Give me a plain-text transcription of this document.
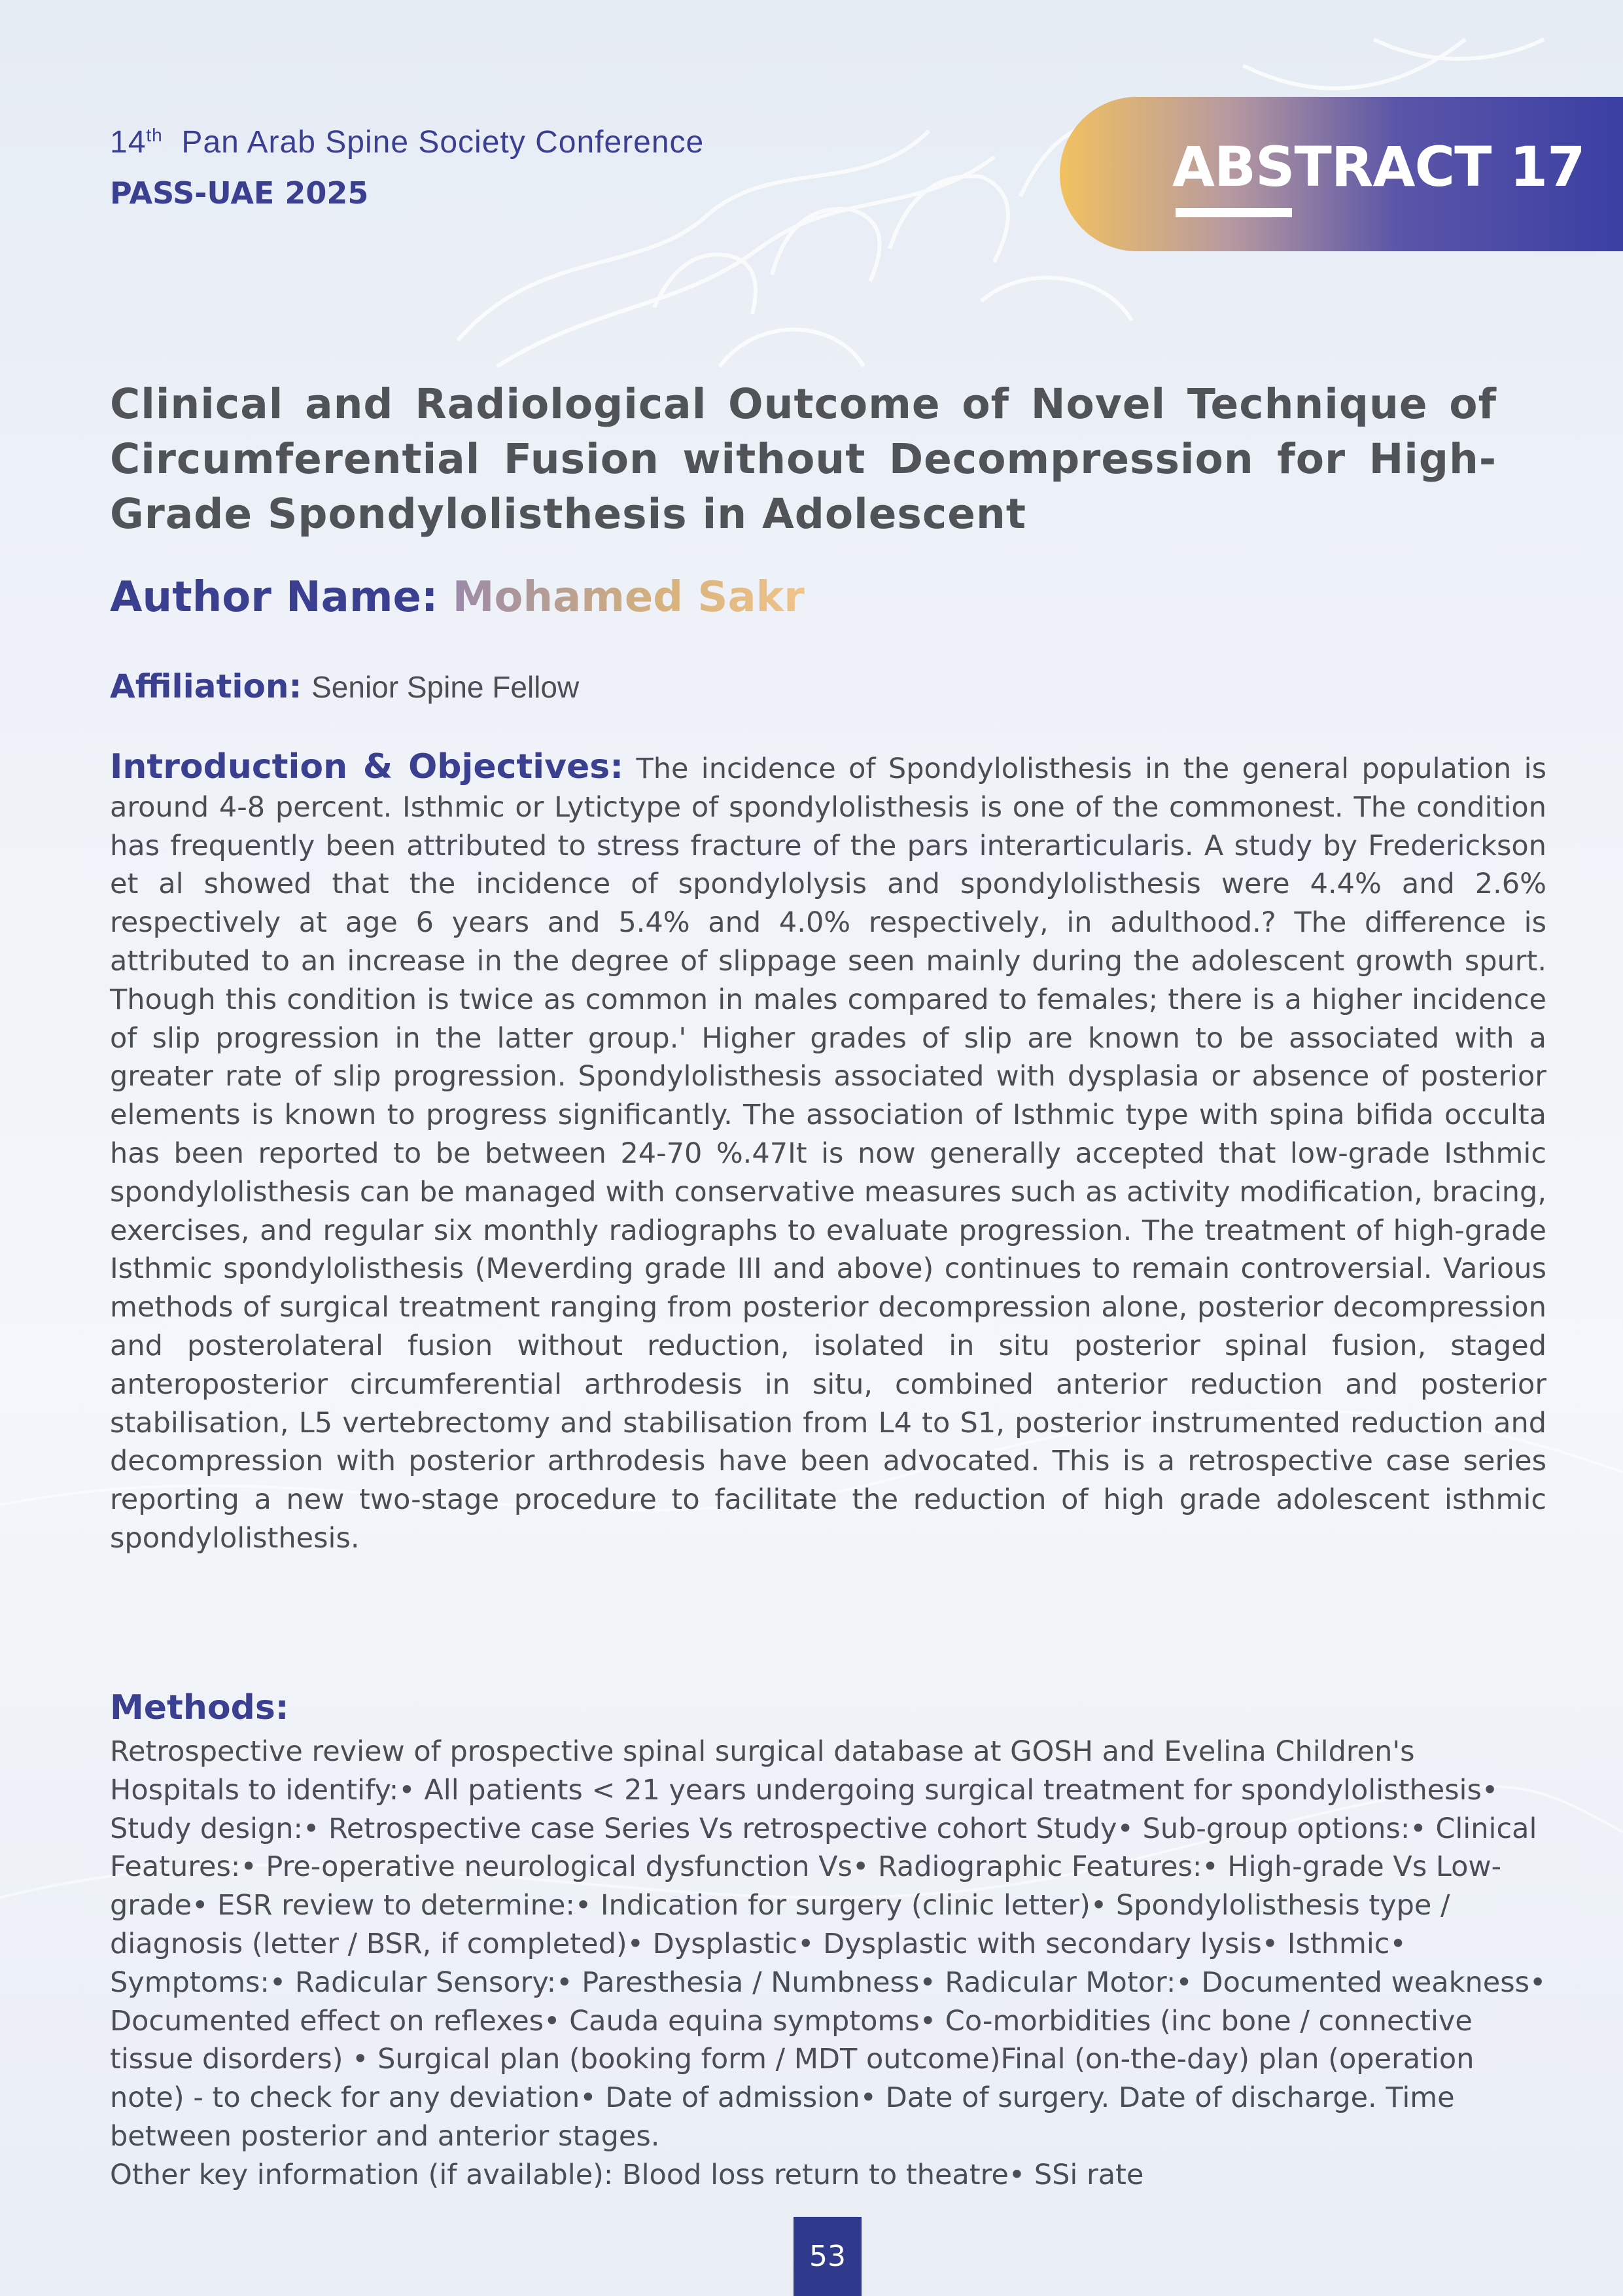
14th Pan Arab Spine Society Conference
PASS-UAE 2025	ABSTRACT 17
Clinical and Radiological Outcome of Novel Technique of Circumferential Fusion without Decompression for High-Grade Spondylolisthesis in Adolescent
Author Name: Mohamed Sakr
Affiliation: Senior Spine Fellow
Introduction & Objectives: The incidence of Spondylolisthesis in the general population is around 4-8 percent. Isthmic or Lytictype of spondylolisthesis is one of the commonest. The condition has frequently been attributed to stress fracture of the pars interarticularis. A study by Frederickson et al showed that the incidence of spondylolysis and spondylolisthesis were 4.4% and 2.6% respectively at age 6 years and 5.4% and 4.0% respectively, in adulthood.? The difference is attributed to an increase in the degree of slippage seen mainly during the adolescent growth spurt. Though this condition is twice as common in males compared to females; there is a higher incidence of slip progression in the latter group.' Higher grades of slip are known to be associated with a greater rate of slip progression. Spondylolisthesis associated with dysplasia or absence of posterior elements is known to progress significantly. The association of Isthmic type with spina bifida occulta has been reported to be between 24-70 %.47It is now generally accepted that low-grade Isthmic spondylolisthesis can be managed with conservative measures such as activity modification, bracing, exercises, and regular six monthly radiographs to evaluate progression. The treatment of high-grade Isthmic spondylolisthesis (Meverding grade III and above) continues to remain controversial. Various methods of surgical treatment ranging from posterior decompression alone, posterior decompression and posterolateral fusion without reduction, isolated in situ posterior spinal fusion, staged anteroposterior circumferential arthrodesis in situ, combined anterior reduction and posterior stabilisation, L5 vertebrectomy and stabilisation from L4 to S1, posterior instrumented reduction and decompression with posterior arthrodesis have been advocated. This is a retrospective case series reporting a new two-stage procedure to facilitate the reduction of high grade adolescent isthmic spondylolisthesis.
Methods:

Retrospective review of prospective spinal surgical database at GOSH and Evelina Children's Hospitals to identify:• All patients < 21 years undergoing surgical treatment for spondylolisthesis• Study design:• Retrospective case Series Vs retrospective cohort Study• Sub-group options:• Clinical Features:• Pre-operative neurological dysfunction Vs• Radiographic Features:• High-grade Vs Low-grade• ESR review to determine:• Indication for surgery (clinic letter)• Spondylolisthesis type / diagnosis (letter / BSR, if completed)• Dysplastic• Dysplastic with secondary lysis• Isthmic• Symptoms:• Radicular Sensory:• Paresthesia / Numbness• Radicular Motor:• Documented weakness• Documented effect on reflexes• Cauda equina symptoms• Co-morbidities (inc bone / connective tissue disorders) • Surgical plan (booking form / MDT outcome)Final (on-the-day) plan (operation note) - to check for any deviation• Date of admission• Date of surgery. Date of discharge. Time between posterior and anterior stages.

Other key information (if available): Blood loss return to theatre• SSi rate

53
